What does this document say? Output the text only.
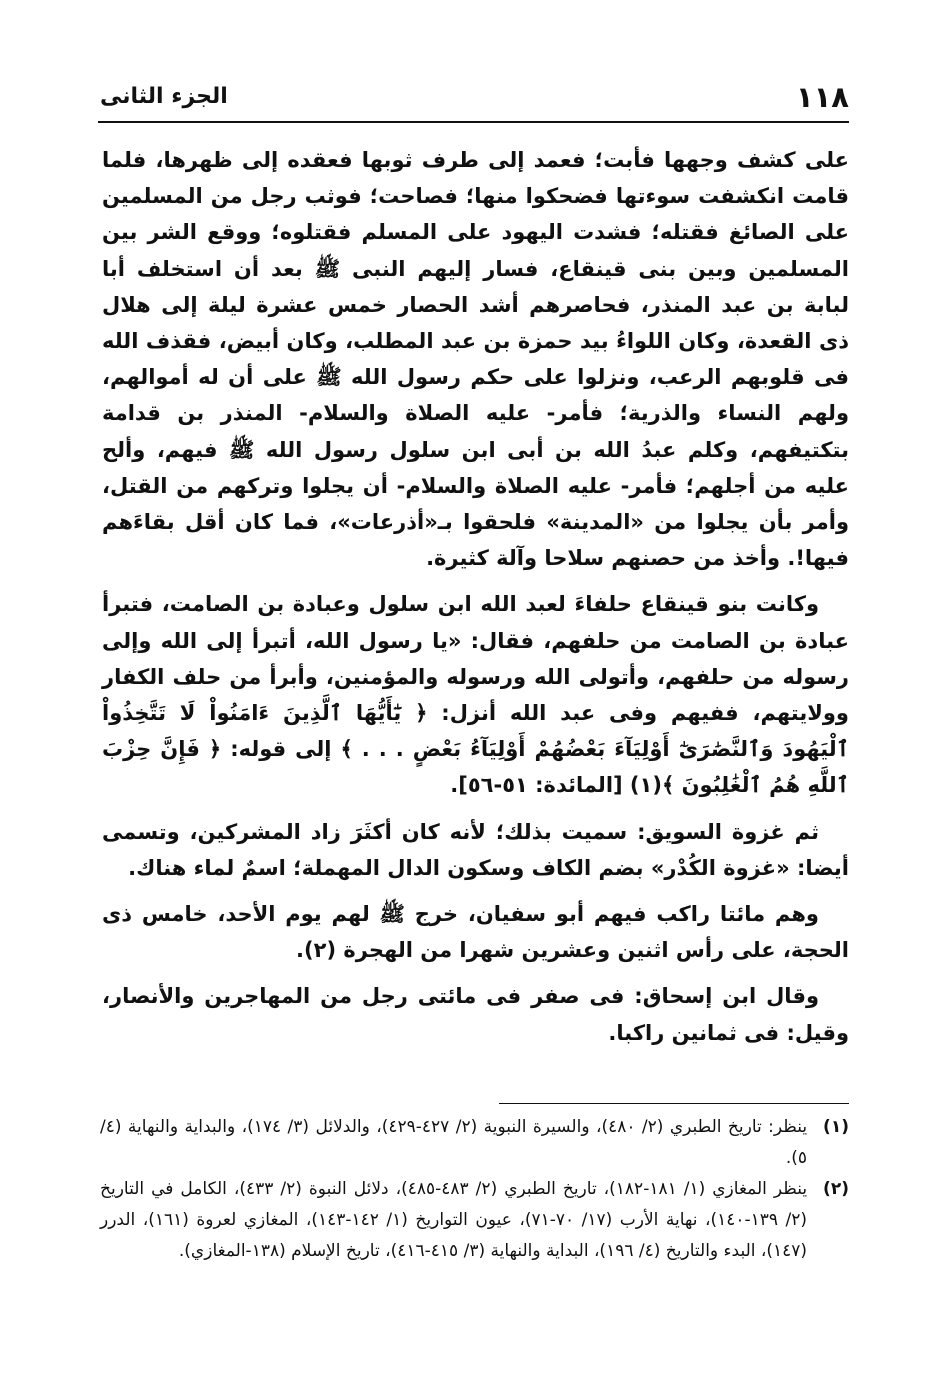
١١٨
الجزء الثانى

على كشف وجهها فأبت؛ فعمد إلى طرف ثوبها فعقده إلى ظهرها، فلما قامت انكشفت سوءتها فضحكوا منها؛ فصاحت؛ فوثب رجل من المسلمين على الصائغ فقتله؛ فشدت اليهود على المسلم فقتلوه؛ ووقع الشر بين المسلمين وبين بنى قينقاع، فسار إليهم النبى ﷺ بعد أن استخلف أبا لبابة بن عبد المنذر، فحاصرهم أشد الحصار خمس عشرة ليلة إلى هلال ذى القعدة، وكان اللواءُ بيد حمزة بن عبد المطلب، وكان أبيض، فقذف الله فى قلوبهم الرعب، ونزلوا على حكم رسول الله ﷺ على أن له أموالهم، ولهم النساء والذرية؛ فأمر- عليه الصلاة والسلام- المنذر بن قدامة بتكتيفهم، وكلم عبدُ الله بن أبى ابن سلول رسول الله ﷺ فيهم، وألح عليه من أجلهم؛ فأمر- عليه الصلاة والسلام- أن يجلوا وتركهم من القتل، وأمر بأن يجلوا من «المدينة» فلحقوا بـ«أذرعات»، فما كان أقل بقاءَهم فيها!. وأخذ من حصنهم سلاحا وآلة كثيرة.

وكانت بنو قينقاع حلفاءَ لعبد الله ابن سلول وعبادة بن الصامت، فتبرأ عبادة بن الصامت من حلفهم، فقال: «يا رسول الله، أتبرأ إلى الله وإلى رسوله من حلفهم، وأتولى الله ورسوله والمؤمنين، وأبرأ من حلف الكفار وولايتهم، ففيهم وفى عبد الله أنزل: ﴿ يَٰٓأَيُّهَا ٱلَّذِينَ ءَامَنُواْ لَا تَتَّخِذُواْ ٱلْيَهُودَ وَٱلنَّصَٰرَىٰٓ أَوْلِيَآءَ بَعْضُهُمْ أَوْلِيَآءُ بَعْضٍ . . . ﴾ إلى قوله: ﴿ فَإِنَّ حِزْبَ ٱللَّهِ هُمُ ٱلْغَٰلِبُونَ ﴾(١) [المائدة: ٥١-٥٦].

ثم غزوة السويق: سميت بذلك؛ لأنه كان أكثَرَ زاد المشركين، وتسمى أيضا: «غزوة الكُدْر» بضم الكاف وسكون الدال المهملة؛ اسمٌ لماء هناك.

وهم مائتا راكب فيهم أبو سفيان، خرج ﷺ لهم يوم الأحد، خامس ذى الحجة، على رأس اثنين وعشرين شهرا من الهجرة (٢).

وقال ابن إسحاق: فى صفر فى مائتى رجل من المهاجرين والأنصار، وقيل: فى ثمانين راكبا.

(١)
ينظر: تاريخ الطبري (٢/ ٤٨٠)، والسيرة النبوية (٢/ ٤٢٧-٤٢٩)، والدلائل (٣/ ١٧٤)، والبداية والنهاية (٤/ ٥).
(٢)
ينظر المغازي (١/ ١٨١-١٨٢)، تاريخ الطبري (٢/ ٤٨٣-٤٨٥)، دلائل النبوة (٢/ ٤٣٣)، الكامل في التاريخ (٢/ ١٣٩-١٤٠)، نهاية الأرب (١٧/ ٧٠-٧١)، عيون التواريخ (١/ ١٤٢-١٤٣)، المغازي لعروة (١٦١)، الدرر (١٤٧)، البدء والتاريخ (٤/ ١٩٦)، البداية والنهاية (٣/ ٤١٥-٤١٦)، تاريخ الإسلام (١٣٨-المغازي).
